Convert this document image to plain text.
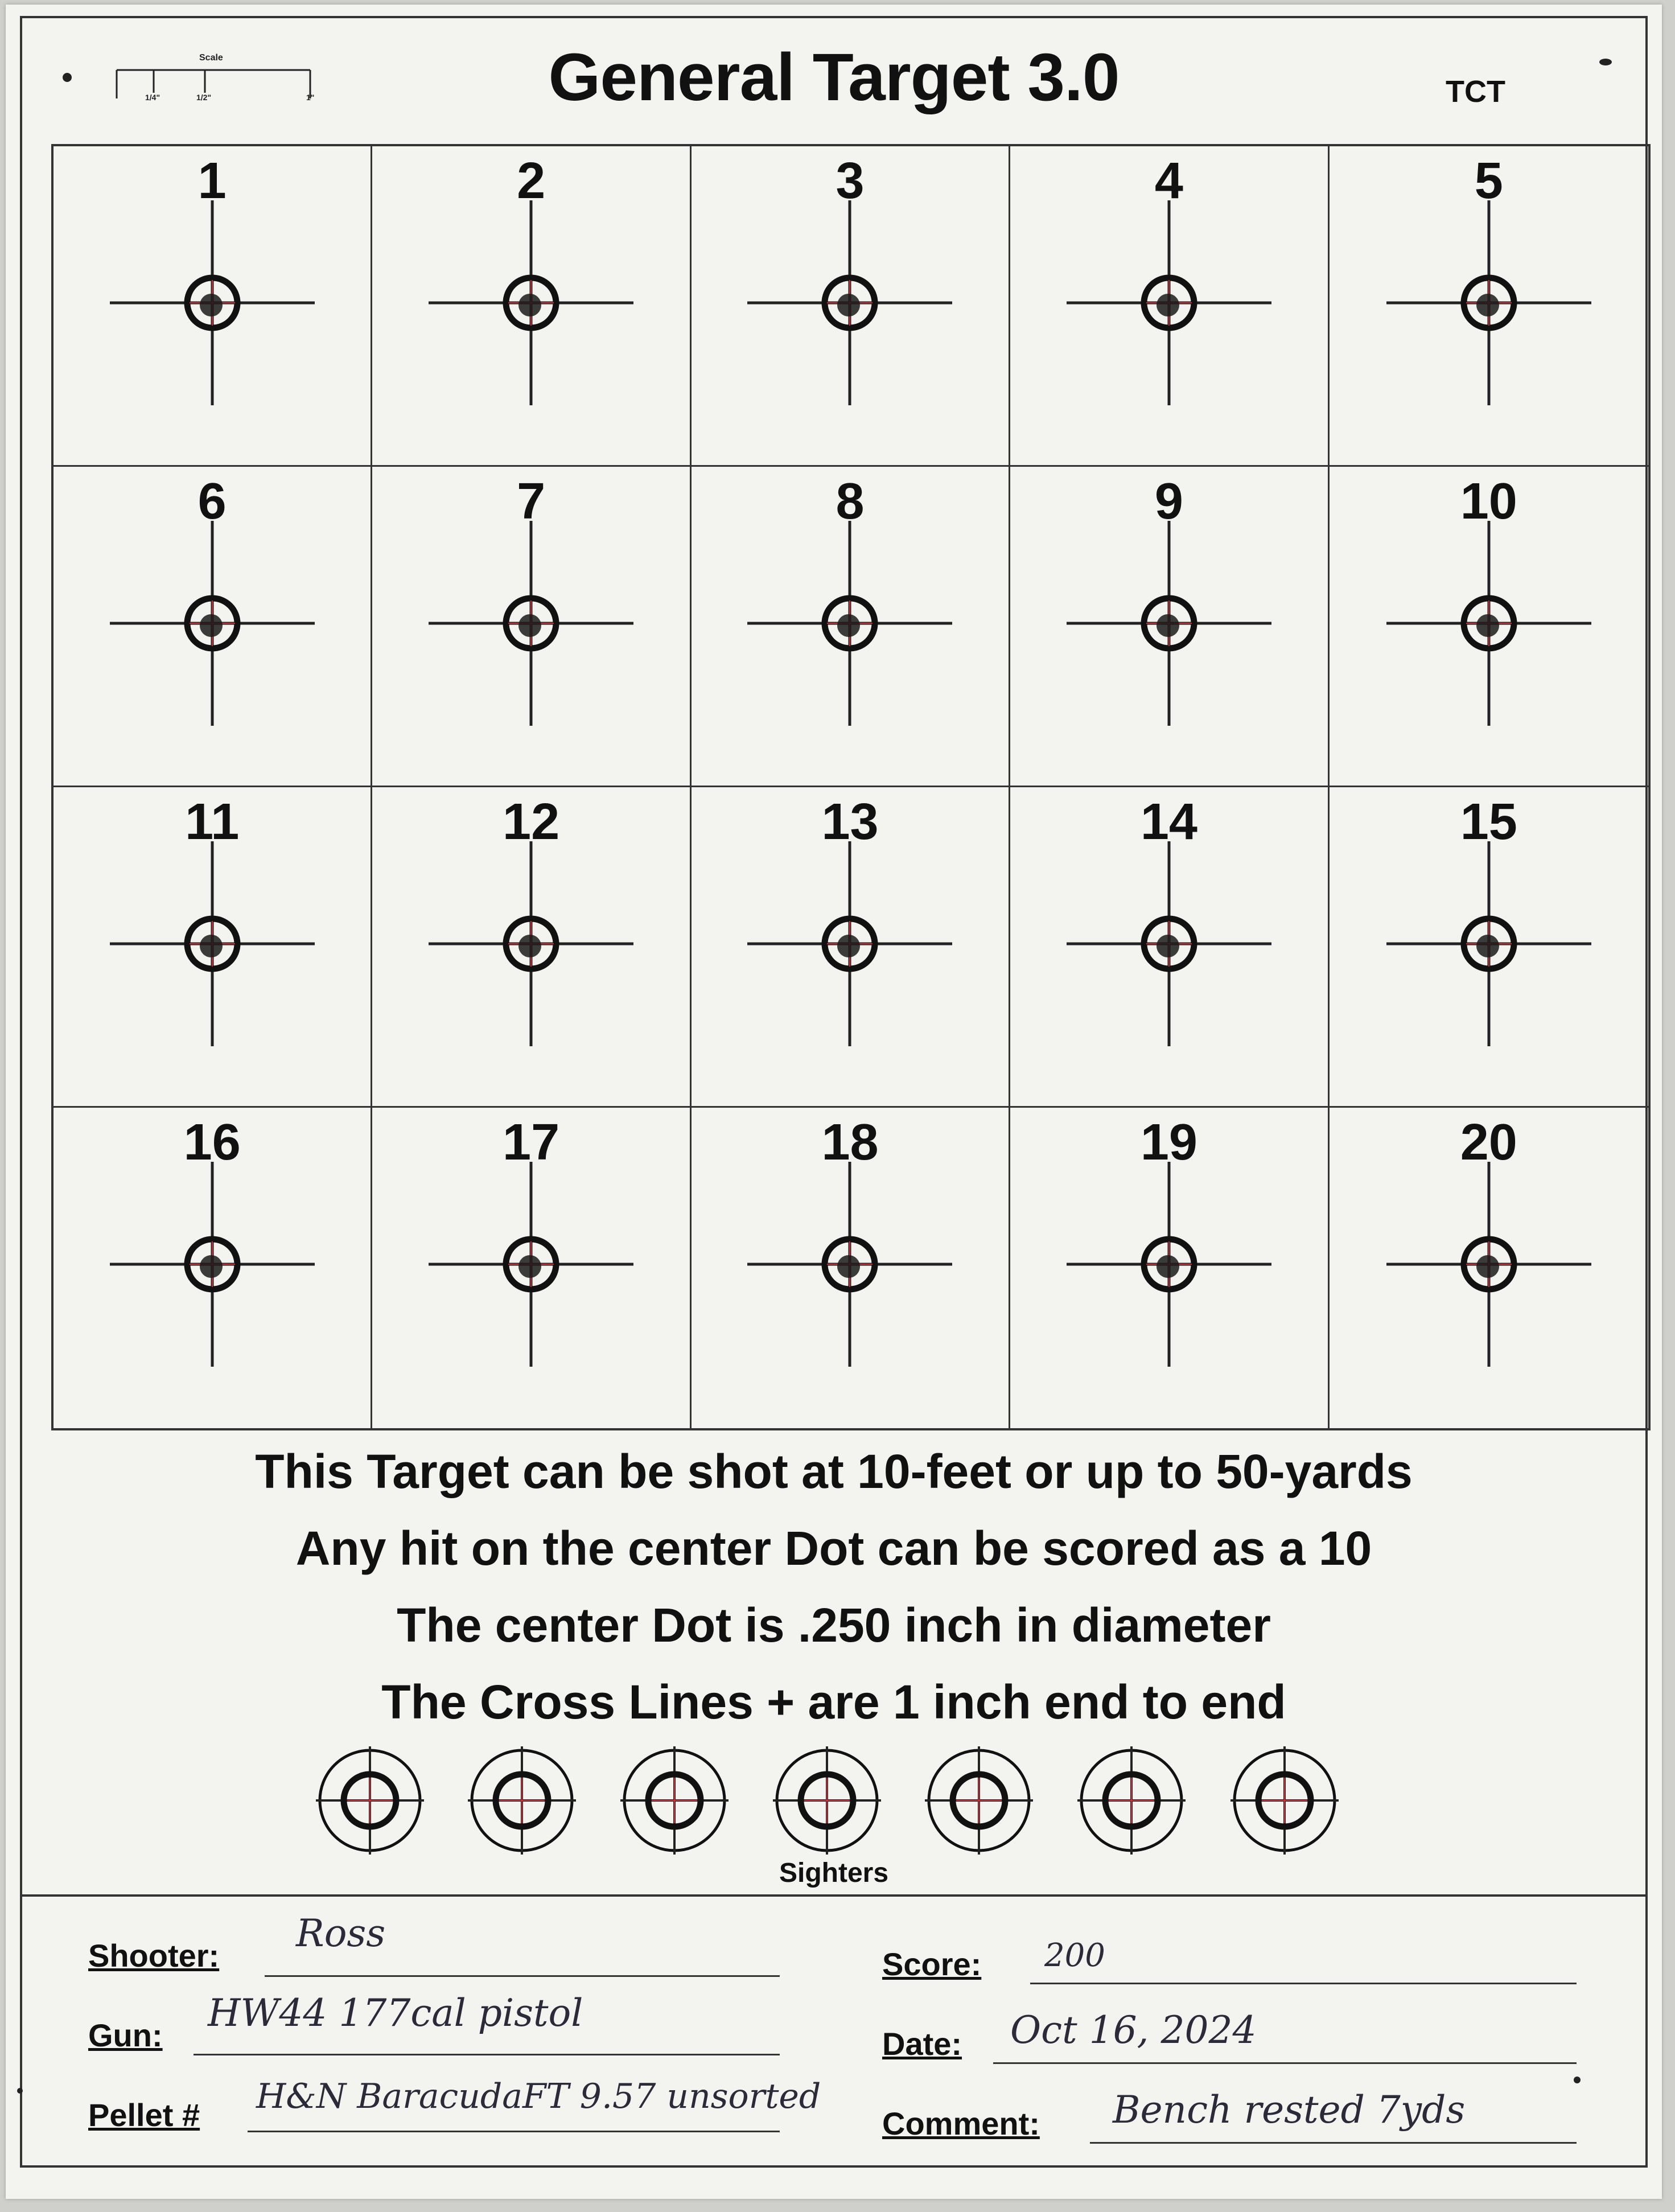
Scale
1/4"	1/2"	1"	General Target 3.0	TCT
1	2	3	4	5
6	7	8	9	10
11	12	13	14	15
16	17	18	19	20
This Target can be shot at 10-feet or up to 50-yards
Any hit on the center Dot can be scored as a 10
The center Dot is .250 inch in diameter
The Cross Lines + are 1 inch end to end
Sighters
Shooter:
Ross
Gun:
HW44 177cal pistol
Pellet # H&N BaracudaFT 9.57 unsorted
Score: 200
Date: Oct 16, 2024
Comment: Bench rested 7yds
